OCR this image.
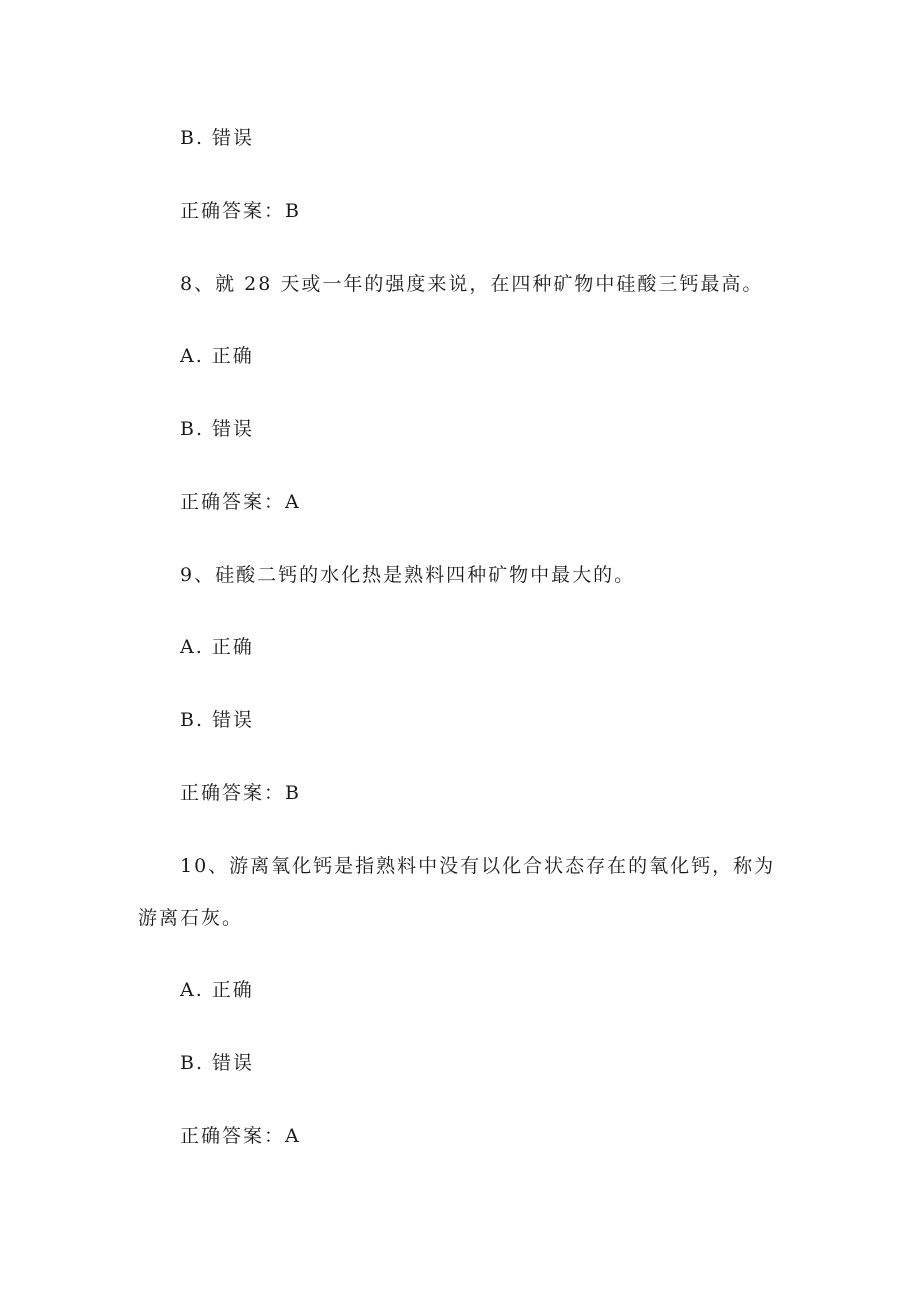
B. 错误
正确答案：B
8、就 28 天或一年的强度来说，在四种矿物中硅酸三钙最高。
A. 正确
B. 错误
正确答案：A
9、硅酸二钙的水化热是熟料四种矿物中最大的。
A. 正确
B. 错误
正确答案：B
10、游离氧化钙是指熟料中没有以化合状态存在的氧化钙，称为
游离石灰。
A. 正确
B. 错误
正确答案：A
